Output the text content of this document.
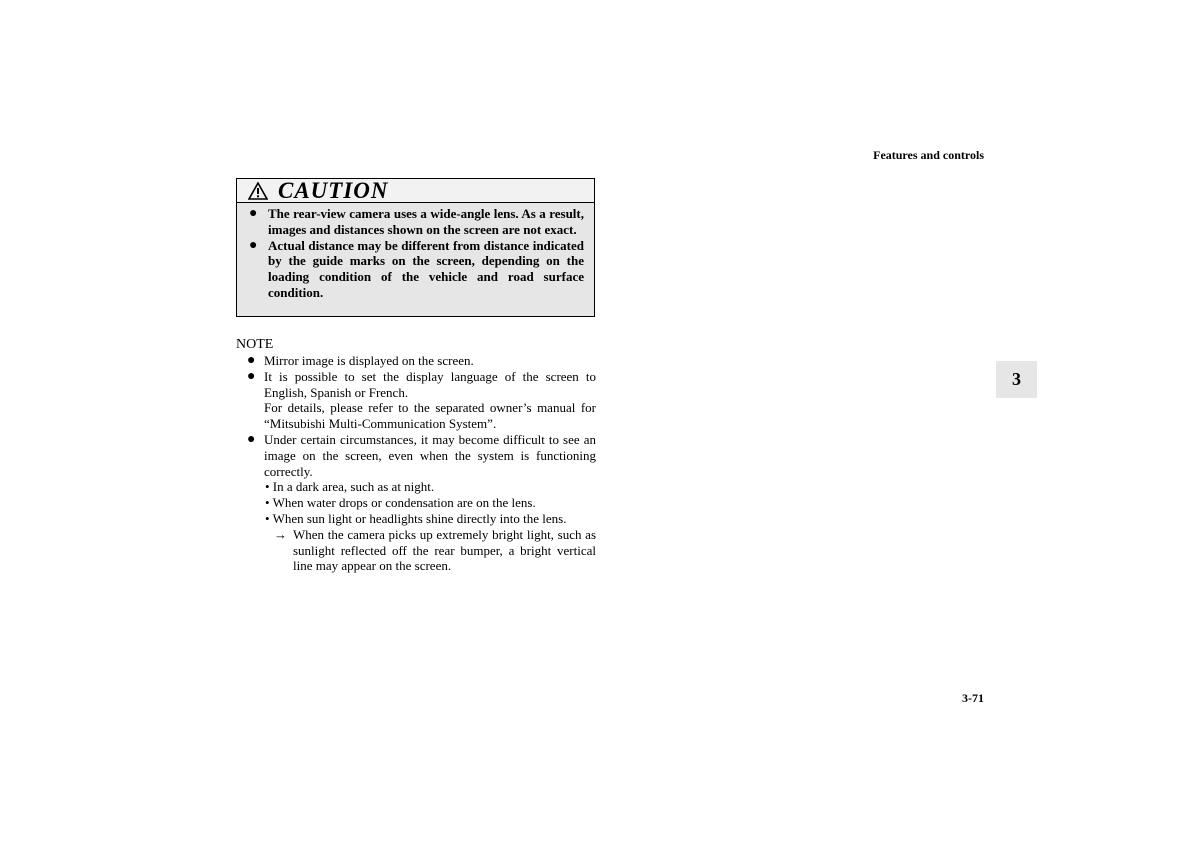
Features and controls
CAUTION
● The rear-view camera uses a wide-angle lens. As a result, images and distances shown on the screen are not exact.
● Actual distance may be different from distance indicated by the guide marks on the screen, depending on the loading condition of the vehicle and road surface condition.
NOTE
● Mirror image is displayed on the screen.
● It is possible to set the display language of the screen to English, Spanish or French.
For details, please refer to the separated owner’s manual for “Mitsubishi Multi-Communication System”.
● Under certain circumstances, it may become difficult to see an image on the screen, even when the system is functioning correctly.
• In a dark area, such as at night.
• When water drops or condensation are on the lens.
• When sun light or headlights shine directly into the lens.
→ When the camera picks up extremely bright light, such as sunlight reflected off the rear bumper, a bright vertical line may appear on the screen.
3
3-71
